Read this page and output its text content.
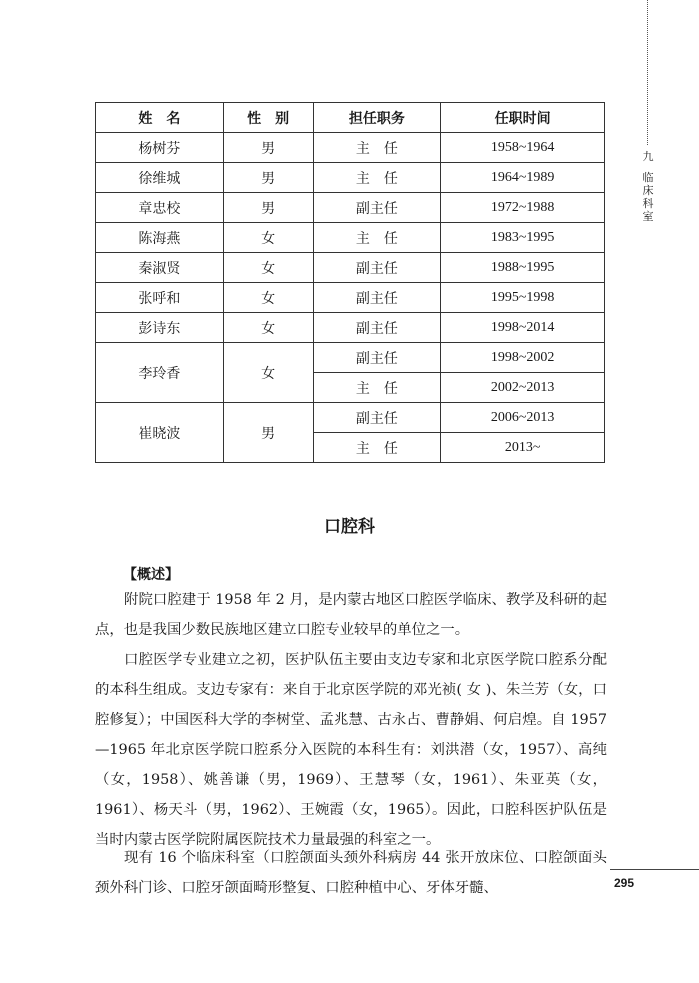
九
临
床
科
室
姓　名	性　别	担任职务	任职时间
杨树芬	男	主　任	1958~1964
徐维城	男	主　任	1964~1989
章忠校	男	副主任	1972~1988
陈海燕	女	主　任	1983~1995
秦淑贤	女	副主任	1988~1995
张呼和	女	副主任	1995~1998
彭诗东	女	副主任	1998~2014
李玲香	女	副主任	1998~2002
		主　任	2002~2013
崔晓波	男	副主任	2006~2013
		主　任	2013~
口腔科
【概述】

附院口腔建于 1958 年 2 月，是内蒙古地区口腔医学临床、教学及科研的起点，也是我国少数民族地区建立口腔专业较早的单位之一。

口腔医学专业建立之初，医护队伍主要由支边专家和北京医学院口腔系分配的本科生组成。支边专家有：来自于北京医学院的邓光祯( 女 )、朱兰芳（女，口腔修复）；中国医科大学的李树堂、孟兆慧、古永占、曹静娟、何启煌。自 1957—1965 年北京医学院口腔系分入医院的本科生有：刘洪潜（女，1957）、高纯（女，1958）、姚善谦（男，1969）、王慧琴（女，1961）、朱亚英（女，1961）、杨天斗（男，1962）、王婉霞（女，1965）。因此，口腔科医护队伍是当时内蒙古医学院附属医院技术力量最强的科室之一。

现有 16 个临床科室（口腔颌面头颈外科病房 44 张开放床位、口腔颌面头颈外科门诊、口腔牙颌面畸形整复、口腔种植中心、牙体牙髓、	295
